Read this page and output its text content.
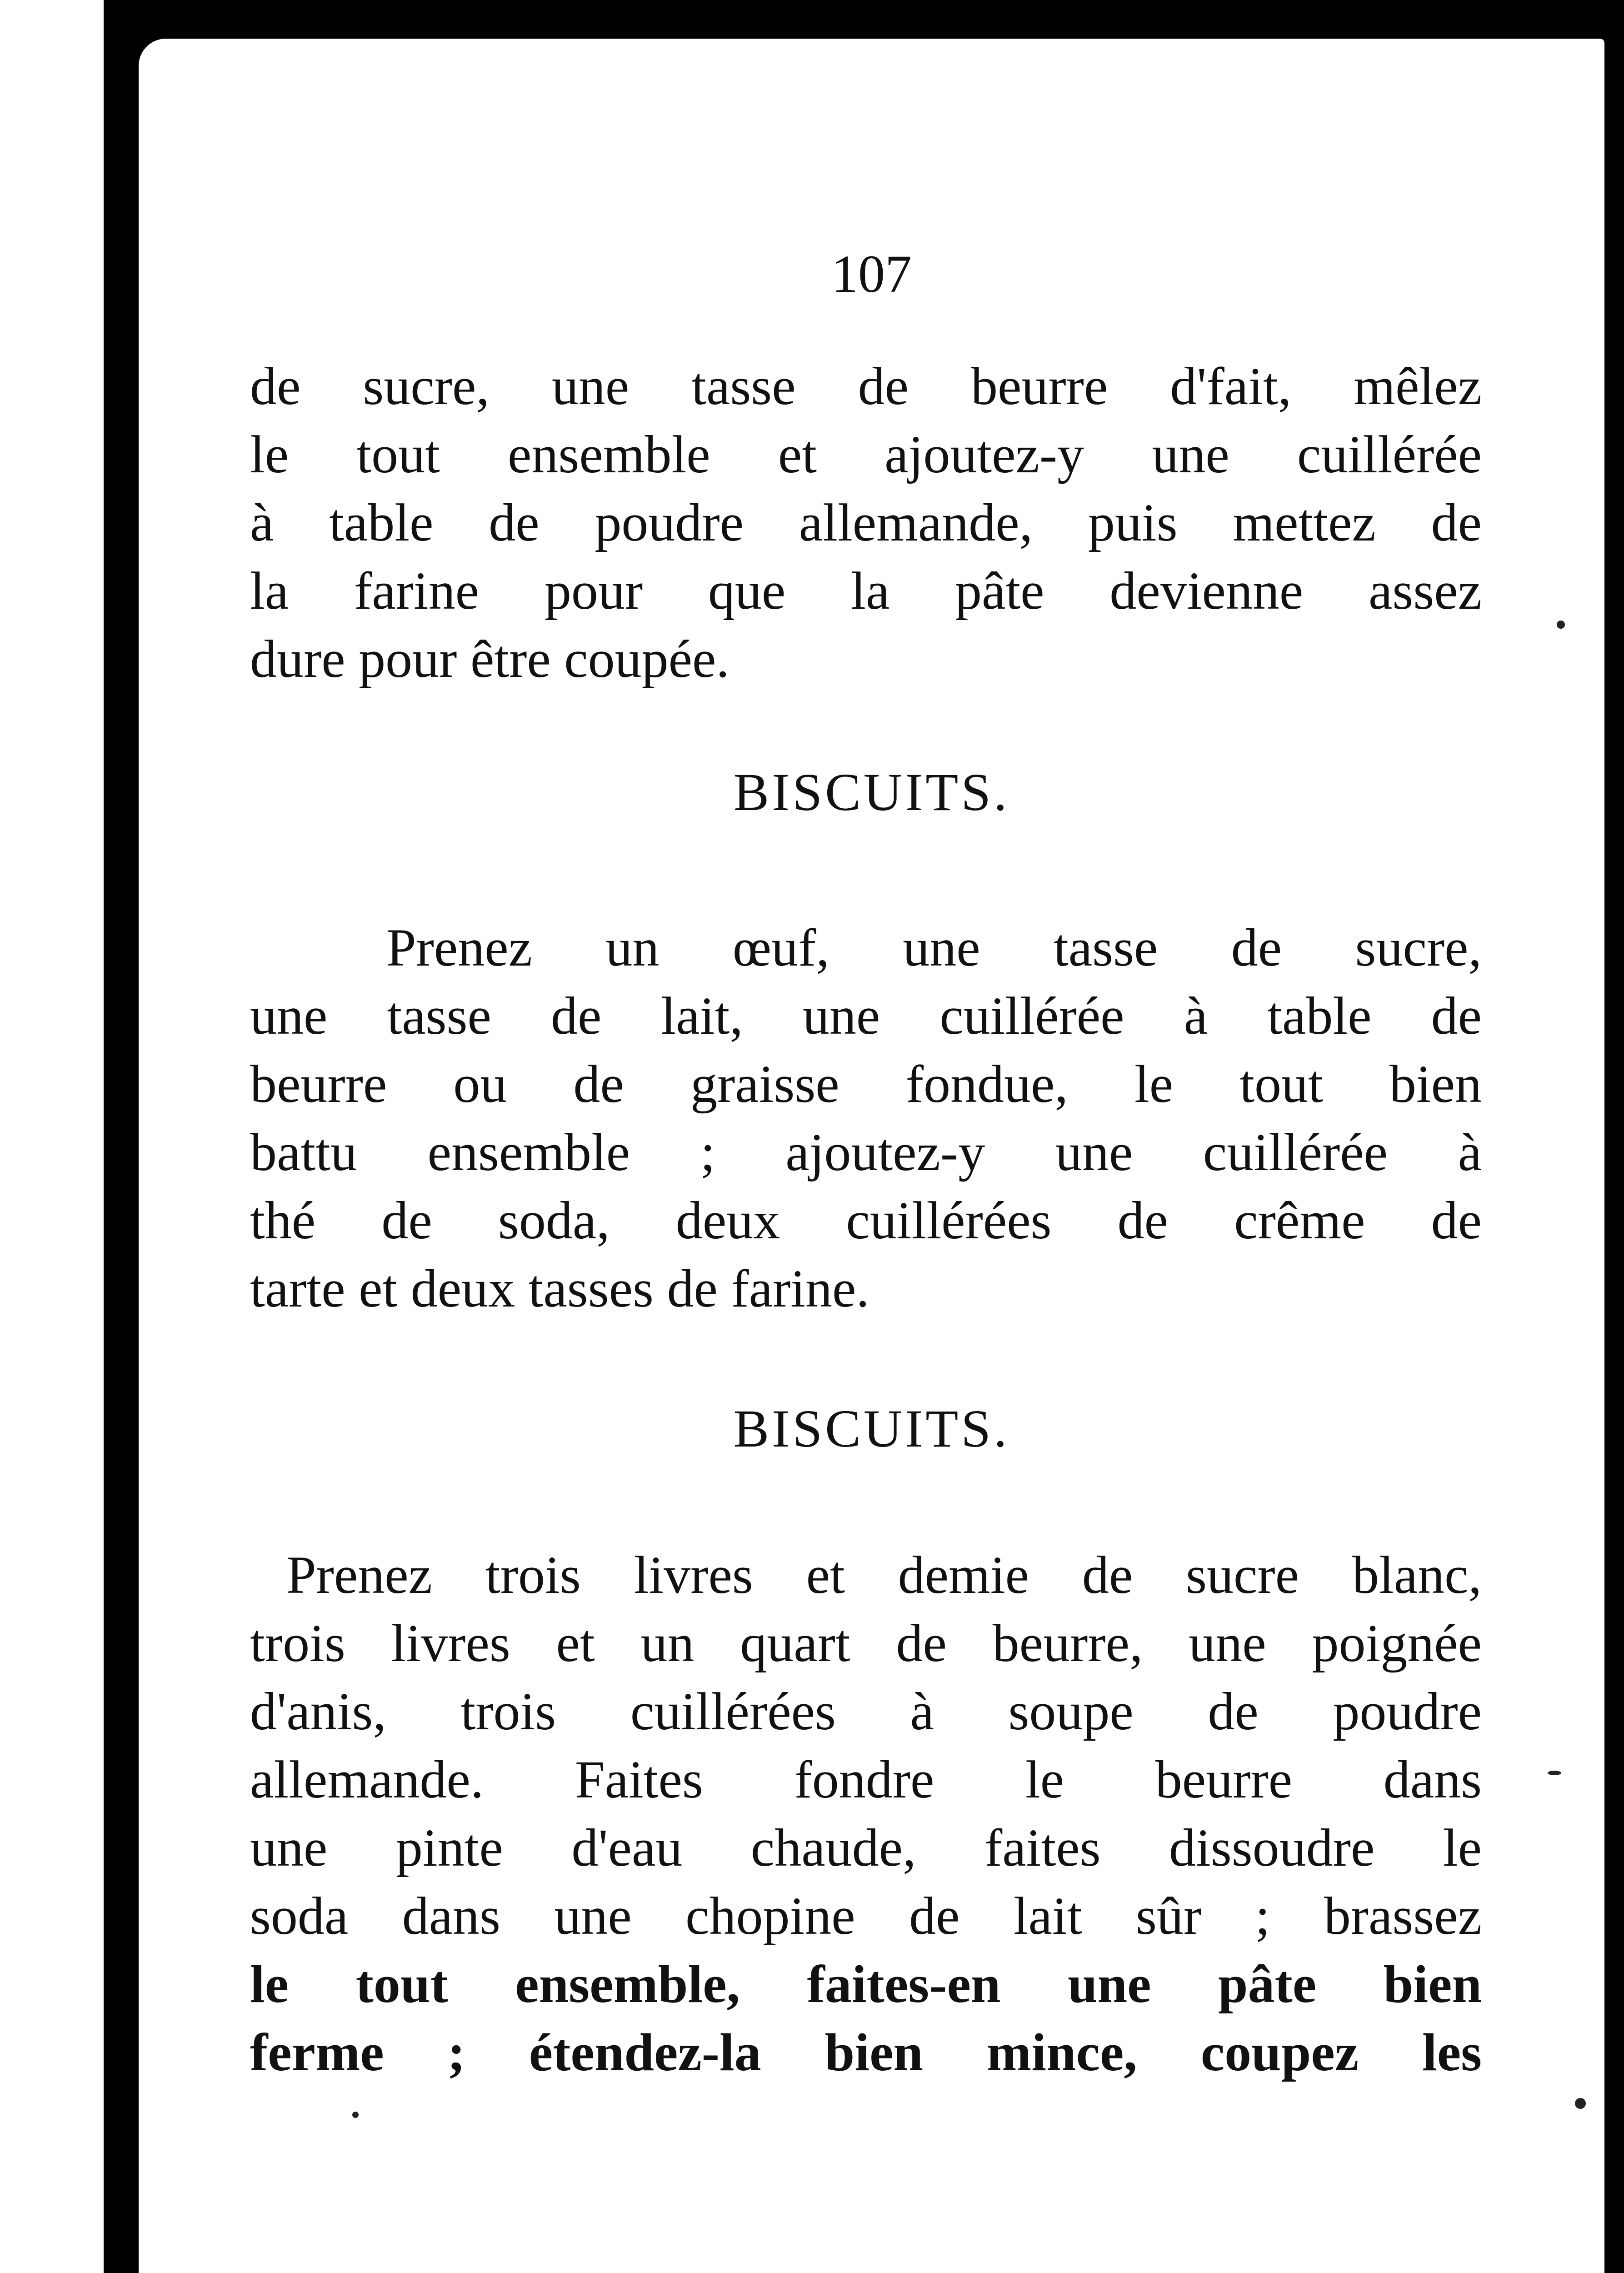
107

de sucre, une tasse de beurre d'fait, mêlez
le tout ensemble et ajoutez-y une cuillérée
à table de poudre allemande, puis mettez de
la farine pour que la pâte devienne assez
dure pour être coupée.

BISCUITS.

Prenez un œuf, une tasse de sucre,
une tasse de lait, une cuillérée à table de
beurre ou de graisse fondue, le tout bien
battu ensemble ; ajoutez-y une cuillérée à
thé de soda, deux cuillérées de crême de
tarte et deux tasses de farine.

BISCUITS.

Prenez trois livres et demie de sucre blanc,
trois livres et un quart de beurre, une poignée
d'anis, trois cuillérées à soupe de poudre
allemande. Faites fondre le beurre dans
une pinte d'eau chaude, faites dissoudre le
soda dans une chopine de lait sûr ; brassez
le tout ensemble, faites-en une pâte bien
ferme ; étendez-la bien mince, coupez les
